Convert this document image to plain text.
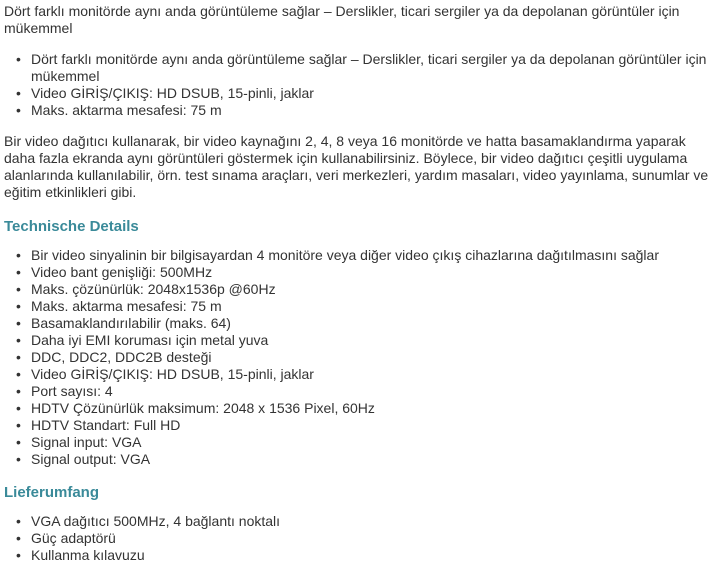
Dört farklı monitörde aynı anda görüntüleme sağlar – Derslikler, ticari sergiler ya da depolanan görüntüler için mükemmel

• Dört farklı monitörde aynı anda görüntüleme sağlar – Derslikler, ticari sergiler ya da depolanan görüntüler için mükemmel
• Video GİRİŞ/ÇIKIŞ: HD DSUB, 15-pinli, jaklar
• Maks. aktarma mesafesi: 75 m

Bir video dağıtıcı kullanarak, bir video kaynağını 2, 4, 8 veya 16 monitörde ve hatta basamaklandırma yaparak daha fazla ekranda aynı görüntüleri göstermek için kullanabilirsiniz. Böylece, bir video dağıtıcı çeşitli uygulama alanlarında kullanılabilir, örn. test sınama araçları, veri merkezleri, yardım masaları, video yayınlama, sunumlar ve eğitim etkinlikleri gibi.

Technische Details
• Bir video sinyalinin bir bilgisayardan 4 monitöre veya diğer video çıkış cihazlarına dağıtılmasını sağlar
• Video bant genişliği: 500MHz
• Maks. çözünürlük: 2048x1536p @60Hz
• Maks. aktarma mesafesi: 75 m
• Basamaklandırılabilir (maks. 64)
• Daha iyi EMI koruması için metal yuva
• DDC, DDC2, DDC2B desteği
• Video GİRİŞ/ÇIKIŞ: HD DSUB, 15-pinli, jaklar
• Port sayısı: 4
• HDTV Çözünürlük maksimum: 2048 x 1536 Pixel, 60Hz
• HDTV Standart: Full HD
• Signal input: VGA
• Signal output: VGA
Lieferumfang
• VGA dağıtıcı 500MHz, 4 bağlantı noktalı
• Güç adaptörü
• Kullanma kılavuzu
